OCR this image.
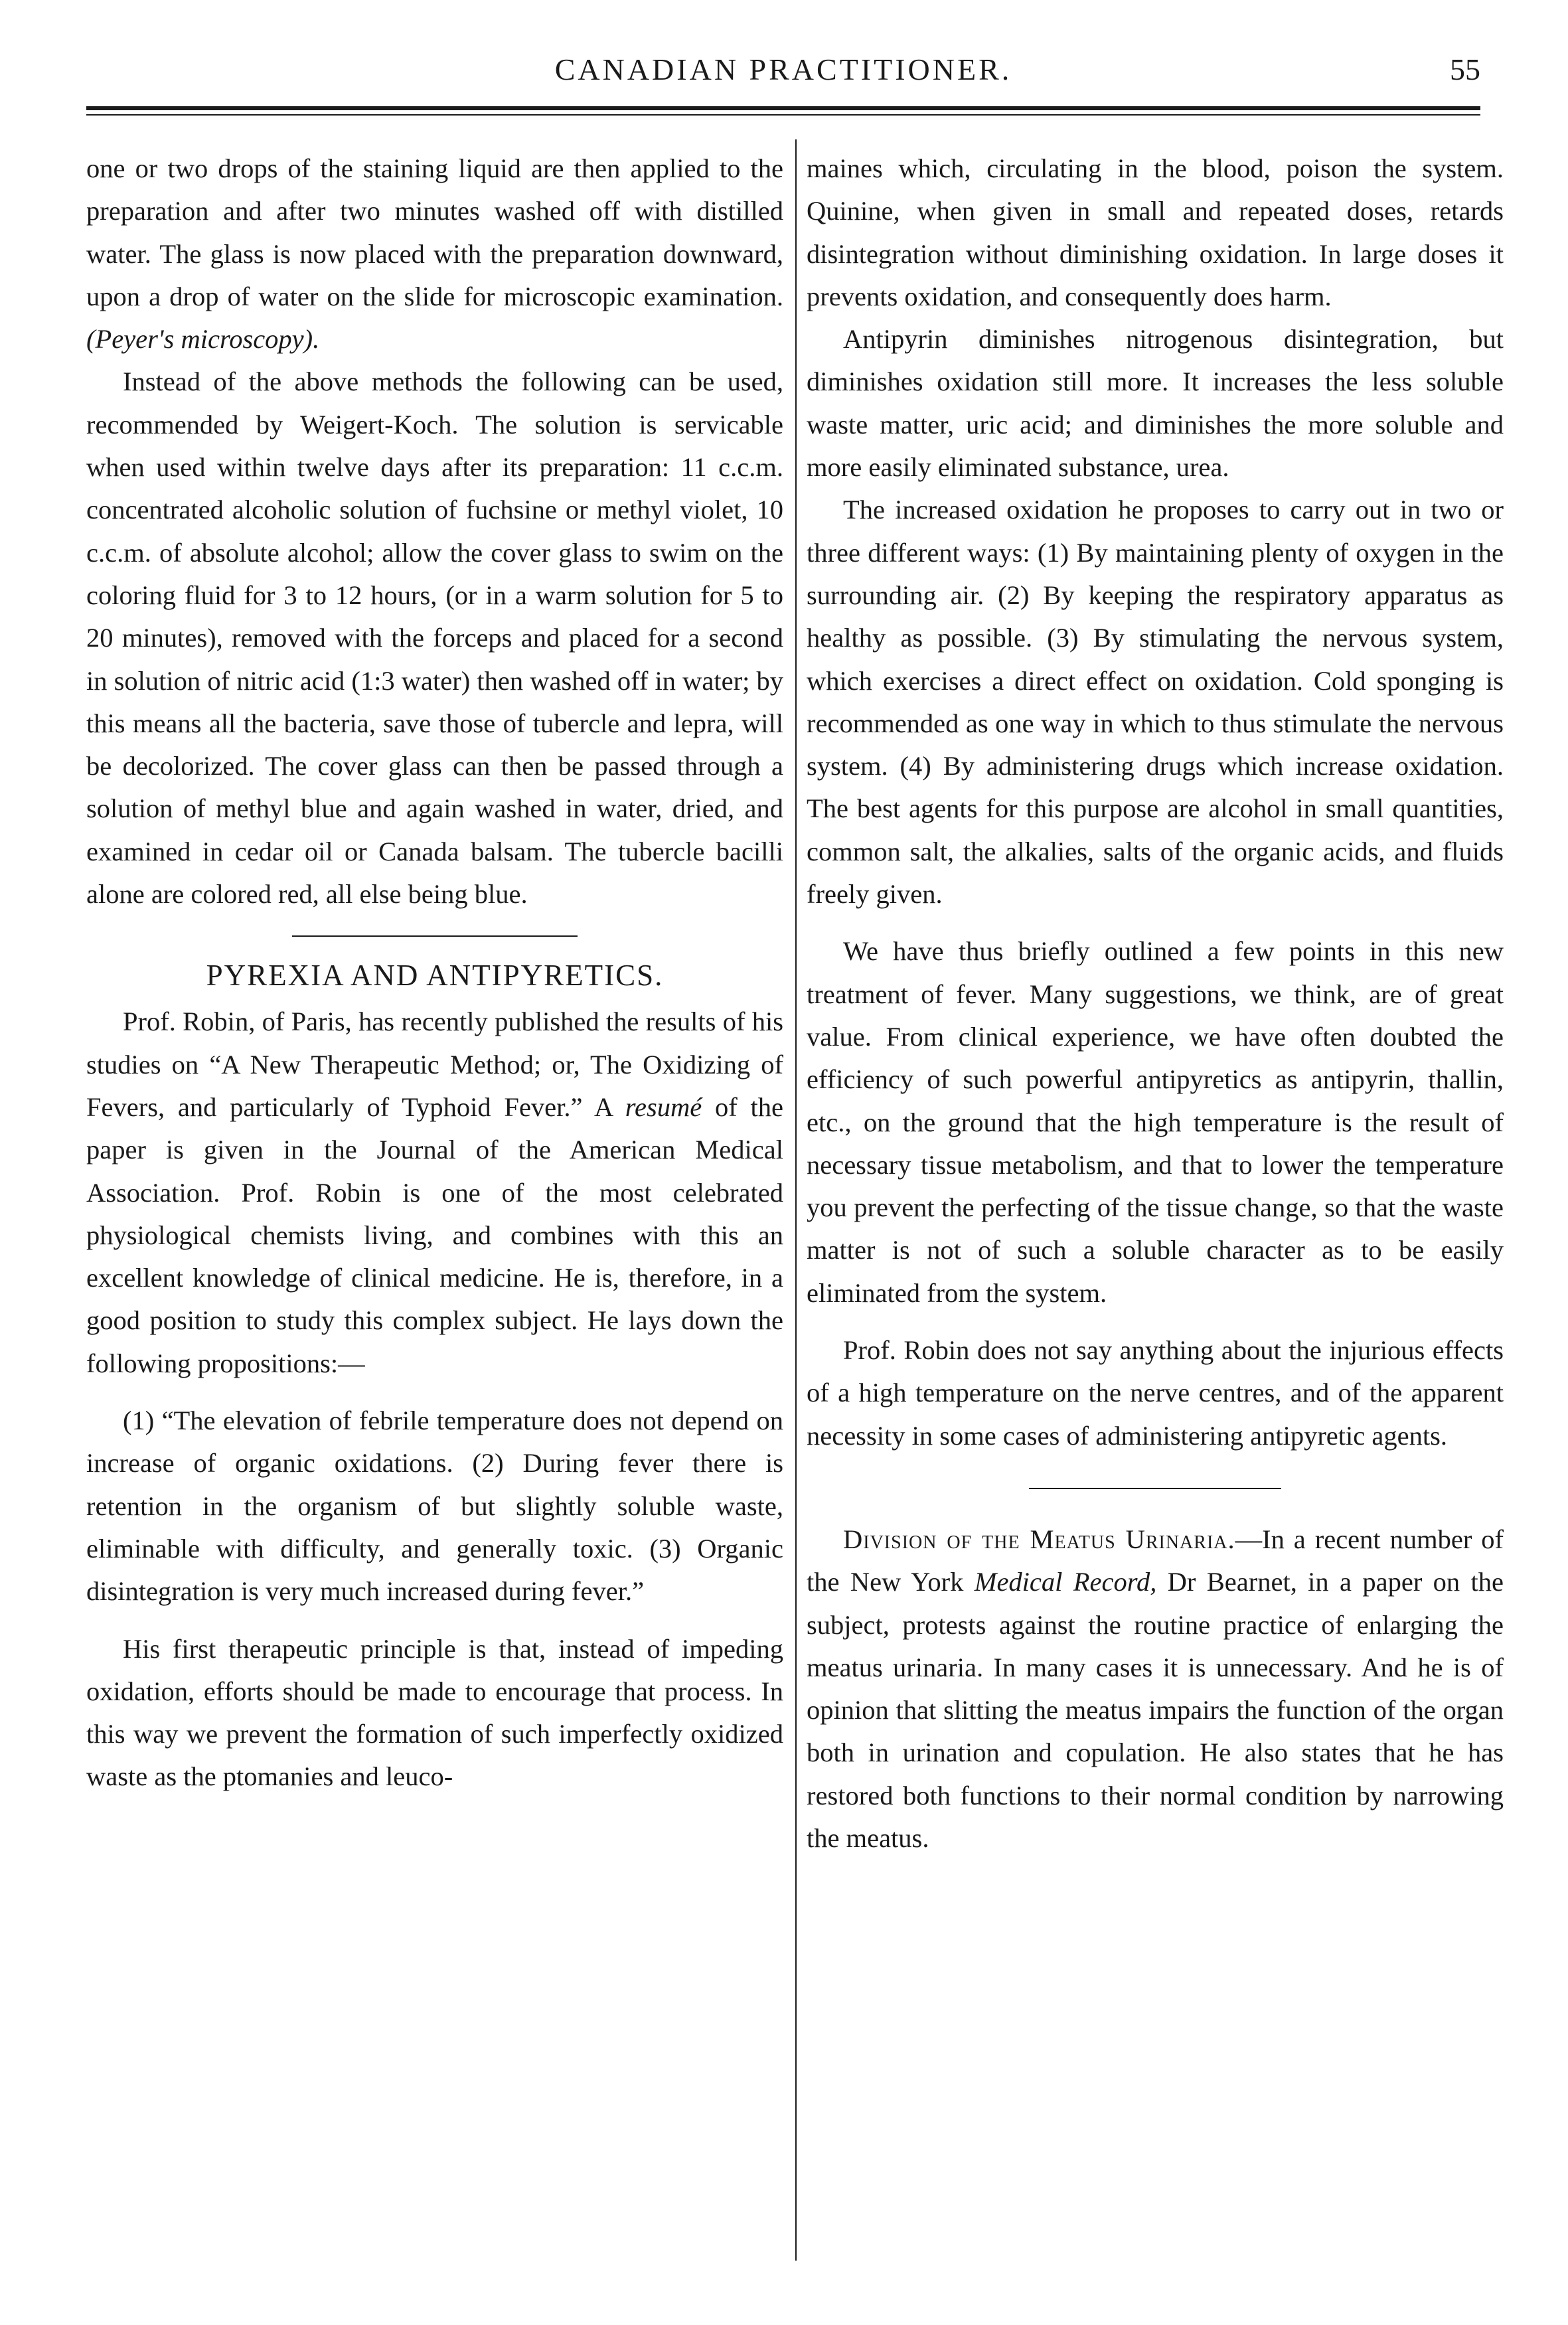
CANADIAN PRACTITIONER.	55

one or two drops of the staining liquid are then applied to the preparation and after two minutes washed off with distilled water. The glass is now placed with the preparation downward, upon a drop of water on the slide for microscopic examination. (Peyer's microscopy).

Instead of the above methods the following can be used, recommended by Weigert-Koch. The solution is servicable when used within twelve days after its preparation: 11 c.c.m. concentrated alcoholic solution of fuchsine or methyl violet, 10 c.c.m. of absolute alcohol; allow the cover glass to swim on the coloring fluid for 3 to 12 hours, (or in a warm solution for 5 to 20 minutes), removed with the forceps and placed for a second in solution of nitric acid (1:3 water) then washed off in water; by this means all the bacteria, save those of tubercle and lepra, will be decolorized. The cover glass can then be passed through a solution of methyl blue and again washed in water, dried, and examined in cedar oil or Canada balsam. The tubercle bacilli alone are colored red, all else being blue.

PYREXIA AND ANTIPYRETICS.

Prof. Robin, of Paris, has recently published the results of his studies on “A New Therapeutic Method; or, The Oxidizing of Fevers, and particularly of Typhoid Fever.” A resumé of the paper is given in the Journal of the American Medical Association. Prof. Robin is one of the most celebrated physiological chemists living, and combines with this an excellent knowledge of clinical medicine. He is, therefore, in a good position to study this complex subject. He lays down the following propositions:—

(1) “The elevation of febrile temperature does not depend on increase of organic oxidations. (2) During fever there is retention in the organism of but slightly soluble waste, eliminable with difficulty, and generally toxic. (3) Organic disintegration is very much increased during fever.”

His first therapeutic principle is that, instead of impeding oxidation, efforts should be made to encourage that process. In this way we prevent the formation of such imperfectly oxidized waste as the ptomanies and leuco-

maines which, circulating in the blood, poison the system. Quinine, when given in small and repeated doses, retards disintegration without diminishing oxidation. In large doses it prevents oxidation, and consequently does harm.

Antipyrin diminishes nitrogenous disintegration, but diminishes oxidation still more. It increases the less soluble waste matter, uric acid; and diminishes the more soluble and more easily eliminated substance, urea.

The increased oxidation he proposes to carry out in two or three different ways: (1) By maintaining plenty of oxygen in the surrounding air. (2) By keeping the respiratory apparatus as healthy as possible. (3) By stimulating the nervous system, which exercises a direct effect on oxidation. Cold sponging is recommended as one way in which to thus stimulate the nervous system. (4) By administering drugs which increase oxidation. The best agents for this purpose are alcohol in small quantities, common salt, the alkalies, salts of the organic acids, and fluids freely given.

We have thus briefly outlined a few points in this new treatment of fever. Many suggestions, we think, are of great value. From clinical experience, we have often doubted the efficiency of such powerful antipyretics as antipyrin, thallin, etc., on the ground that the high temperature is the result of necessary tissue metabolism, and that to lower the temperature you prevent the perfecting of the tissue change, so that the waste matter is not of such a soluble character as to be easily eliminated from the system.

Prof. Robin does not say anything about the injurious effects of a high temperature on the nerve centres, and of the apparent necessity in some cases of administering antipyretic agents.

Division of the Meatus Urinaria.—In a recent number of the New York Medical Record, Dr Bearnet, in a paper on the subject, protests against the routine practice of enlarging the meatus urinaria. In many cases it is unnecessary. And he is of opinion that slitting the meatus impairs the function of the organ both in urination and copulation. He also states that he has restored both functions to their normal condition by narrowing the meatus.
